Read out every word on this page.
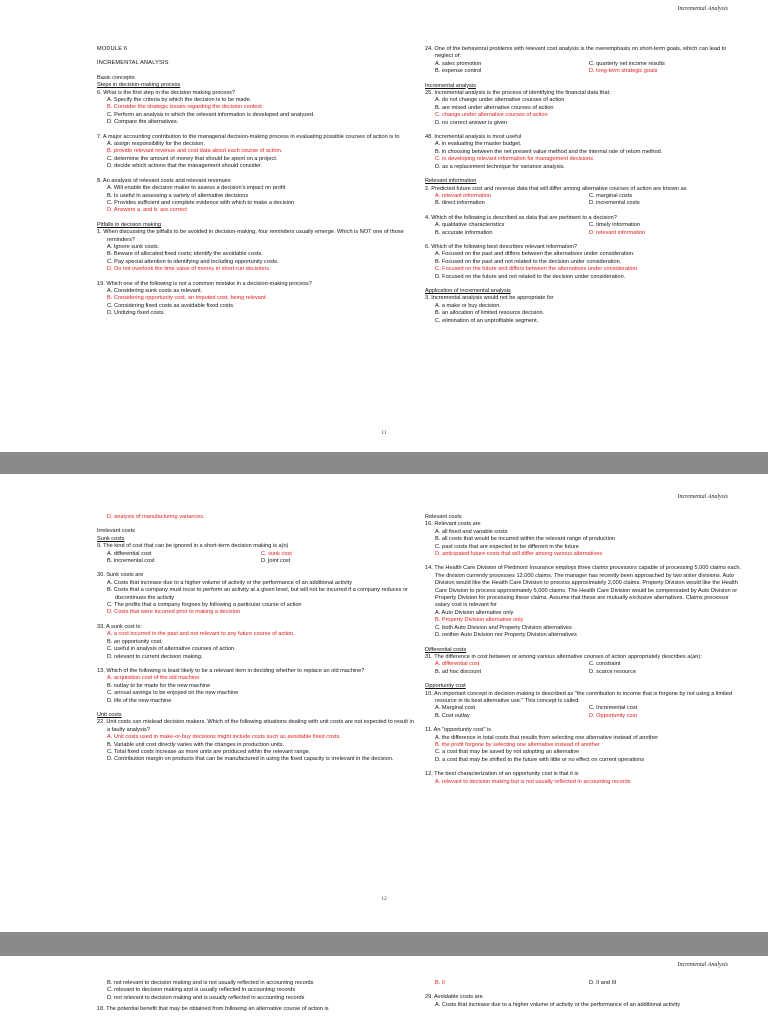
Incremental Analysis
MODULE 6
INCREMENTAL ANALYSIS
Basic concepts
Steps in decision-making process
6. What is the first step in the decision making process?
A. Specify the criteria by which the decision is to be made.
B. Consider the strategic issues regarding the decision context.
C. Perform an analysis in which the relevant information is developed and analyzed.
D. Compare the alternatives.
7. A major accounting contribution to the managerial decision-making process in evaluating possible courses of action is to
A. assign responsibility for the decision.
B. provide relevant revenue and cost data about each course of action.
C. determine the amount of money that should be spent on a project.
D. decide which actions that the management should consider.
8. An analysis of relevant costs and relevant revenues
A. Will enable the decision maker to assess a decision's impact on profit
B. Is useful in assessing a variety of alternative decisions
C. Provides sufficient and complete evidence with which to make a decision
D. Answers a. and b. are correct
Pitfalls in decision making
1. When discussing the pitfalls to be avoided in decision-making, four reminders usually emerge. Which is NOT one of those reminders?
A. Ignore sunk costs.
B. Beware of allocated fixed costs; identify the avoidable costs.
C. Pay special attention to identifying and including opportunity costs.
D. Do not overlook the time value of money in short-run decisions.
19. Which one of the following is not a common mistake in a decision-making process?
A. Considering sunk costs as relevant.
B. Considering opportunity cost, an imputed cost, being relevant.
C. Considering fixed costs as avoidable fixed costs.
D. Unitizing fixed costs.
24. One of the behavioral problems with relevant cost analysis is the overemphasis on short-term goals, which can lead to neglect of:
A. sales promotion	C. quarterly net income results
B. expense control	D. long-term strategic goals
Incremental analysis
25. Incremental analysis is the process of identifying the financial data that:
A. do not change under alternative courses of action
B. are mixed under alternative courses of action
C. change under alternative courses of action
D. no correct answer is given
48. Incremental analysis is most useful
A. in evaluating the master budget.
B. in choosing between the net present value method and the internal rate of return method.
C. in developing relevant information for management decisions.
D. as a replacement technique for variance analysis.
Relevant information
2. Predicted future cost and revenue data that will differ among alternative courses of action are known as
A. relevant information	C. marginal costs
B. direct information	D. incremental costs
4. Which of the following is described as data that are pertinent to a decision?
A. qualitative characteristics	C. timely information
B. accurate information	D. relevant information
6. Which of the following best describes relevant information?
A. Focused on the past and differs between the alternatives under consideration.
B. Focused on the past and not related to the decision under consideration.
C. Focused on the future and differs between the alternatives under consideration.
D. Focused on the future and not related to the decision under consideration.
Application of incremental analysis
3. Incremental analysis would not be appropriate for
A. a make or buy decision.
B. an allocation of limited resource decision.
C. elimination of an unprofitable segment.
11
Incremental Analysis
D. analysis of manufacturing variances.
Irrelevant costs
Sunk costs
9. The kind of cost that can be ignored in a short-term decision making is a(n)
A. differential cost	C. sunk cost
B. incremental cost	D. joint cost
30. Sunk costs are
A. Costs that increase due to a higher volume of activity or the performance of an additional activity
B. Costs that a company must incur to perform an activity at a given level, but will not be incurred if a company reduces or discontinues the activity
C. The profits that a company forgoes by following a particular course of action
D. Costs that were incurred prior to making a decision
33. A sunk cost is:
A. a cost incurred in the past and not relevant to any future course of action.
B. an opportunity cost.
C. useful in analysis of alternative courses of action.
D. relevant to current decision making.
13. Which of the following is least likely to be a relevant item in deciding whether to replace an old machine?
A. acquisition cost of the old machine
B. outlay to be made for the new machine
C. annual savings to be enjoyed on the new machine
D. life of the new machine
Unit costs
22. Unit costs can mislead decision makers. Which of the following situations dealing with unit costs are not expected to result in a faulty analysis?
A. Unit costs used in make-or-buy decisions might include costs such as avoidable fixed costs.
B. Variable unit cost directly varies with the changes in production units.
C. Total fixed costs increase as more units are produced within the relevant range.
D. Contribution margin on products that can be manufactured in using the fixed capacity is irrelevant in the decision.
Relevant costs
16. Relevant costs are
A. all fixed and variable costs
B. all costs that would be incurred within the relevant range of production
C. past costs that are expected to be different in the future
D. anticipated future costs that will differ among various alternatives
14. The Health Care Division of Piedmont Insurance employs three claims processors capable of processing 5,000 claims each. The division currently processes 12,000 claims. The manager has recently been approached by two sister divisions. Auto Division would like the Health Care Division to process approximately 2,000 claims. Property Division would like the Health Care Division to process approximately 5,000 claims. The Health Care Division would be compensated by Auto Division or Property Division for processing these claims. Assume that these are mutually exclusive alternatives. Claims processor salary cost is relevant for
A. Auto Division alternative only
B. Property Division alternative only
C. both Auto Division and Property Division alternatives
D. neither Auto Division nor Property Division alternatives
Differential costs
31. The difference in cost between or among various alternative courses of action appropriately describes a(an):
A. differential cost	C. constraint
B. ad hoc discount	D. scarce resource
Opportunity cost
10. An important concept in decision making is described as "the contribution to income that is forgone by not using a limited resource in its best alternative use." This concept is called
A. Marginal cost	C. Incremental cost
B. Cost outlay	D. Opportunity cost
11. An "opportunity cost" is
A. the difference in total costs that results from selecting one alternative instead of another
B. the profit forgone by selecting one alternative instead of another
C. a cost that may be saved by not adopting an alternative
D. a cost that may be shifted to the future with little or no effect on current operations
12. The best characterization of an opportunity cost is that it is
A. relevant to decision making but is not usually reflected in accounting records
12
Incremental Analysis
B. not relevant to decision making and is not usually reflected in accounting records
C. relevant to decision making and is usually reflected in accounting records
D. not relevant to decision making and is usually reflected in accounting records
18. The potential benefit that may be obtained from following an alternative course of action is
B. II	D. II and III
29. Avoidable costs are
A. Costs that increase due to a higher volume of activity or the performance of an additional activity
